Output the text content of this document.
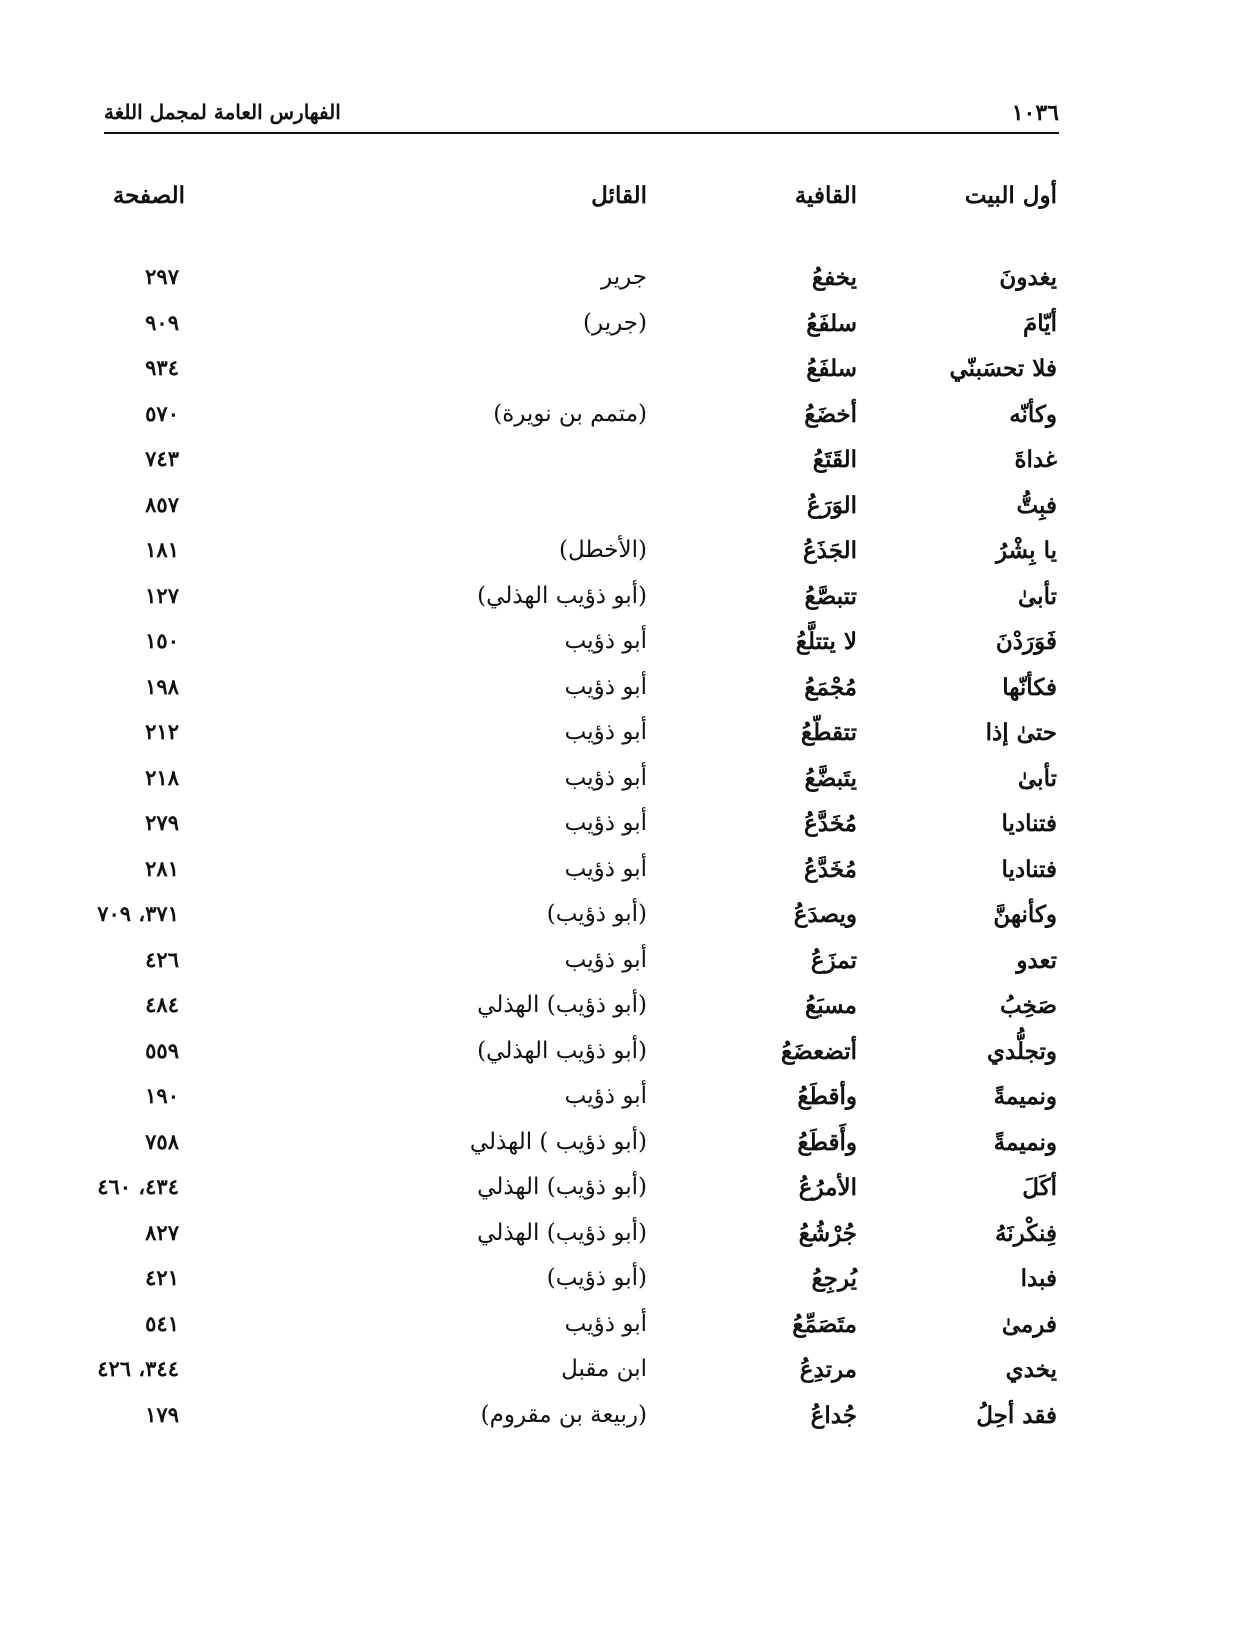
١٠٣٦
الفهارس العامة لمجمل اللغة
أول البيت
القافية
القائل
الصفحة
يغدونَ
يخفعُ
جرير
٢٩٧
أيّامَ
سلفَعُ
(جرير)
٩٠٩
فلا تحسَبنّي
سلفَعُ
٩٣٤
وكأنّه
أخضَعُ
(متمم بن نويرة)
٥٧٠
غداةَ
القَتَعُ
٧٤٣
فبِتُّ
الوَرَعُ
٨٥٧
يا بِشْرُ
الجَذَعُ
(الأخطل)
١٨١
تأبىٰ
تتبصَّعُ
(أبو ذؤيب الهذلي)
١٢٧
فَوَرَدْنَ
لا يتتلَّعُ
أبو ذؤيب
١٥٠
فكأنّها
مُجْمَعُ
أبو ذؤيب
١٩٨
حتىٰ إذا
تتقطّعُ
أبو ذؤيب
٢١٢
تأبىٰ
يتَبضَّعُ
أبو ذؤيب
٢١٨
فتناديا
مُخَدَّعُ
أبو ذؤيب
٢٧٩
فتناديا
مُخَدَّعُ
أبو ذؤيب
٢٨١
وكأنهنَّ
ويصدَعُ
(أبو ذؤيب)
٣٧١، ٧٠٩
تعدو
تمزَعُ
أبو ذؤيب
٤٢٦
صَخِبُ
مسبَعُ
(أبو ذؤيب) الهذلي
٤٨٤
وتجلُّدي
أتضعضَعُ
(أبو ذؤيب الهذلي)
٥٥٩
ونميمةً
وأقطَعُ
أبو ذؤيب
١٩٠
ونميمةً
وأَقطَعُ
(أبو ذؤيب ) الهذلي
٧٥٨
أكَلَ
الأمرُعُ
(أبو ذؤيب) الهذلي
٤٣٤، ٤٦٠
فِنكْرنَهُ
جُرْشُعُ
(أبو ذؤيب) الهذلي
٨٢٧
فبدا
يُرجِعُ
(أبو ذؤيب)
٤٢١
فرمىٰ
متَصَمِّعُ
أبو ذؤيب
٥٤١
يخدي
مرتدِعُ
ابن مقبل
٣٤٤، ٤٢٦
فقد أحِلُ
جُداعُ
(ربيعة بن مقروم)
١٧٩
